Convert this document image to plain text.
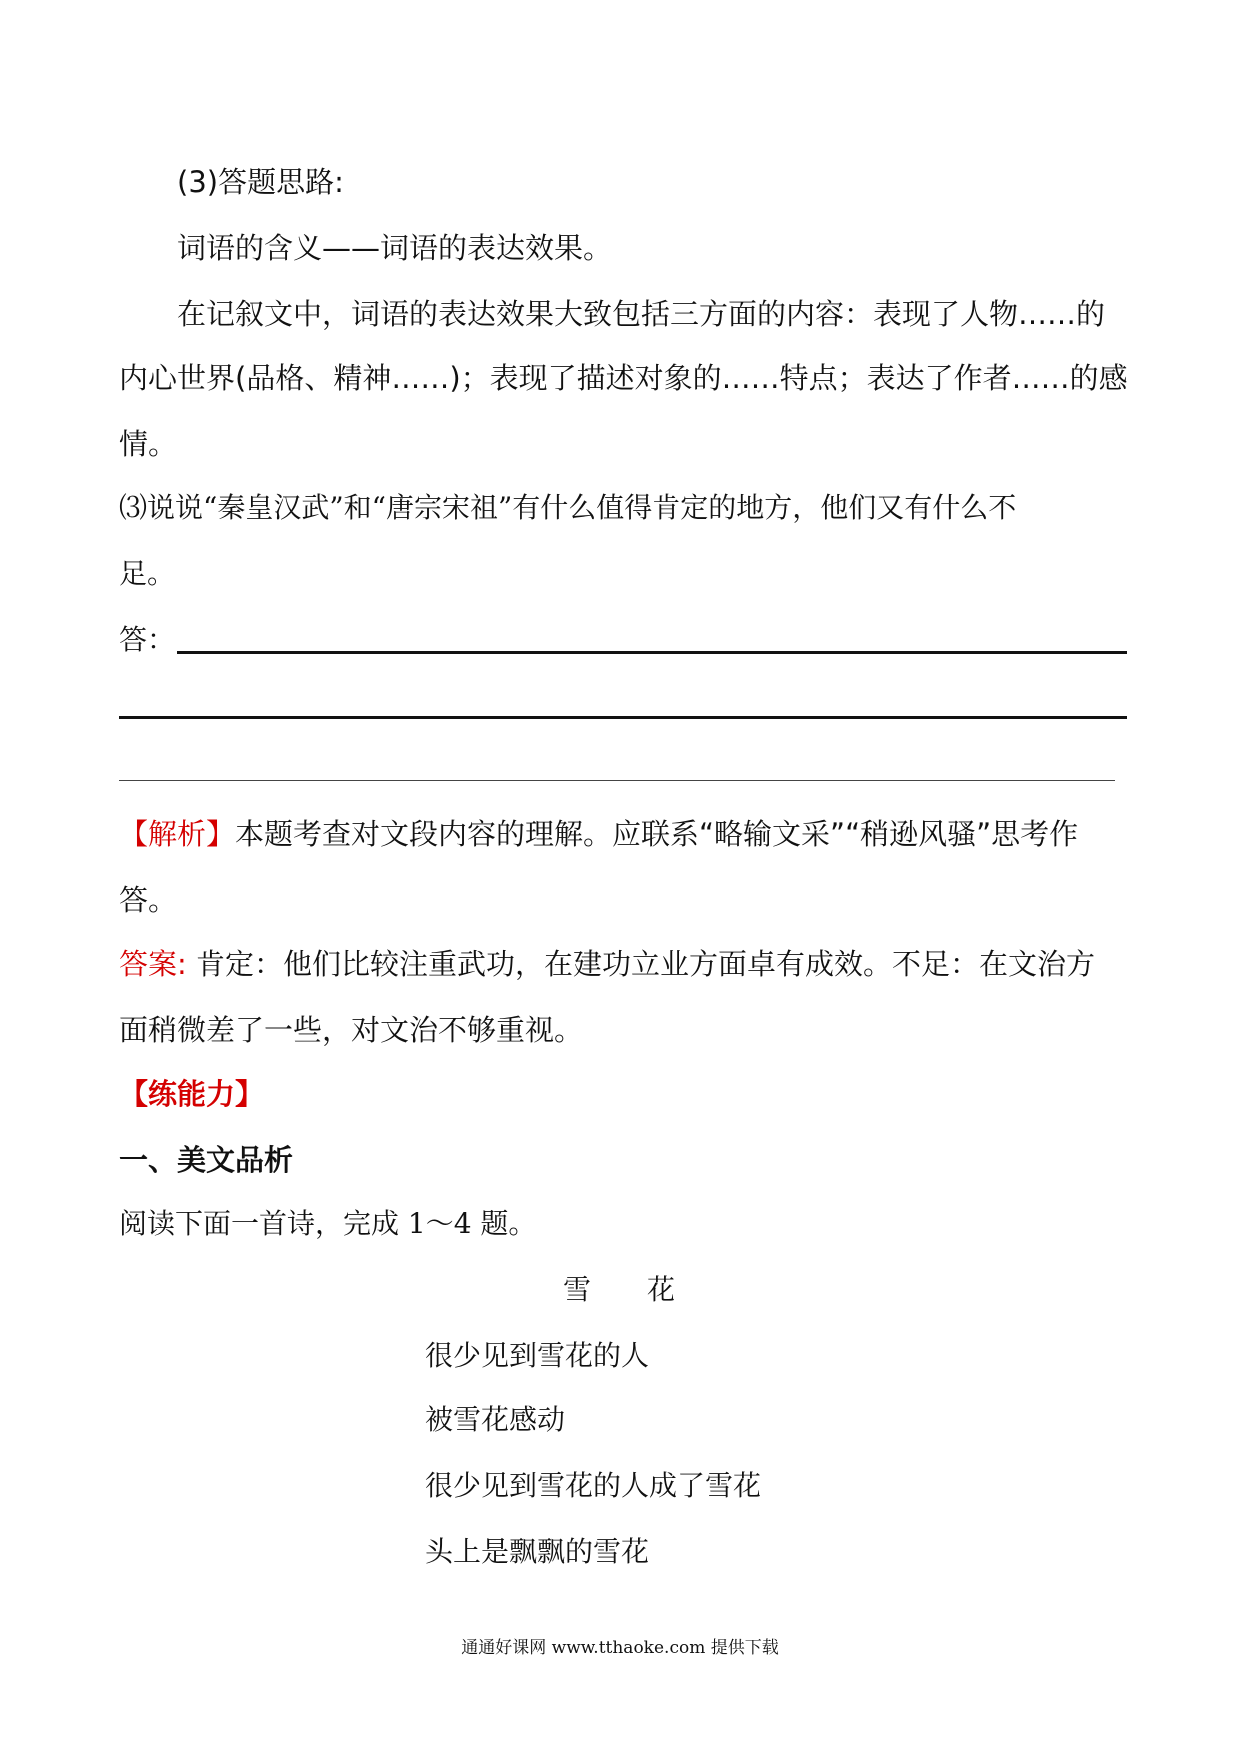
(3)答题思路:
词语的含义——词语的表达效果。
在记叙文中，词语的表达效果大致包括三方面的内容：表现了人物……的
内心世界(品格、精神……)；表现了描述对象的……特点；表达了作者……的感
情。
⑶说说“秦皇汉武”和“唐宗宋祖”有什么值得肯定的地方，他们又有什么不
足。
答：
【解析】本题考查对文段内容的理解。应联系“略输文采”“稍逊风骚”思考作
答。
答案: 肯定：他们比较注重武功，在建功立业方面卓有成效。不足：在文治方
面稍微差了一些，对文治不够重视。
【练能力】
一、美文品析
阅读下面一首诗，完成 1～4 题。
雪　　花
很少见到雪花的人
被雪花感动
很少见到雪花的人成了雪花
头上是飘飘的雪花
通通好课网 www.tthaoke.com 提供下载
